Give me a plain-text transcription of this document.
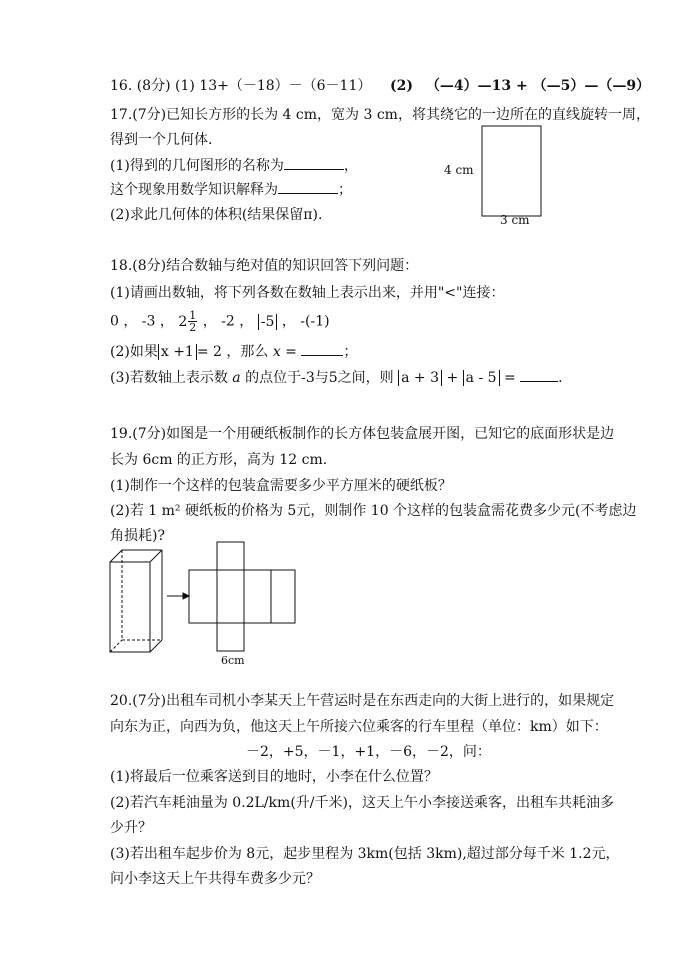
16. (8分) (1) 13+（－18）－（6－11） (2) （—4）—13 + （—5）—（—9）
17.(7分)已知长方形的长为 4 cm，宽为 3 cm，将其绕它的一边所在的直线旋转一周，
得到一个几何体.
(1)得到的几何图形的名称为	，
这个现象用数学知识解释为	；
(2)求此几何体的体积(结果保留π).
4 cm
3 cm
18.(8分)结合数轴与绝对值的知识回答下列问题：
(1)请画出数轴，将下列各数在数轴上表示出来，并用"<"连接：
0 ， -3 ， $2 \frac{1}{2}$ ， -2 ， -5 ， -(-1)
(2)如果 x +1 = 2 ，那么 x =	；
(3)若数轴上表示数 a 的点位于-3与5之间，则 a + 3 + a - 5 =	.
19.(7分)如图是一个用硬纸板制作的长方体包装盒展开图，已知它的底面形状是边
长为 6cm 的正方形，高为 12 cm.
(1)制作一个这样的包装盒需要多少平方厘米的硬纸板？
(2)若 1 m² 硬纸板的价格为 5元，则制作 10 个这样的包装盒需花费多少元(不考虑边
角损耗)?
6cm
20.(7分)出租车司机小李某天上午营运时是在东西走向的大街上进行的，如果规定
向东为正，向西为负，他这天上午所接六位乘客的行车里程（单位：km）如下：
－2，+5，－1，+1，－6，－2，问：
(1)将最后一位乘客送到目的地时，小李在什么位置？
(2)若汽车耗油量为 0.2L/km(升/千米)，这天上午小李接送乘客，出租车共耗油多
少升？
(3)若出租车起步价为 8元，起步里程为 3km(包括 3km),超过部分每千米 1.2元，
问小李这天上午共得车费多少元？
